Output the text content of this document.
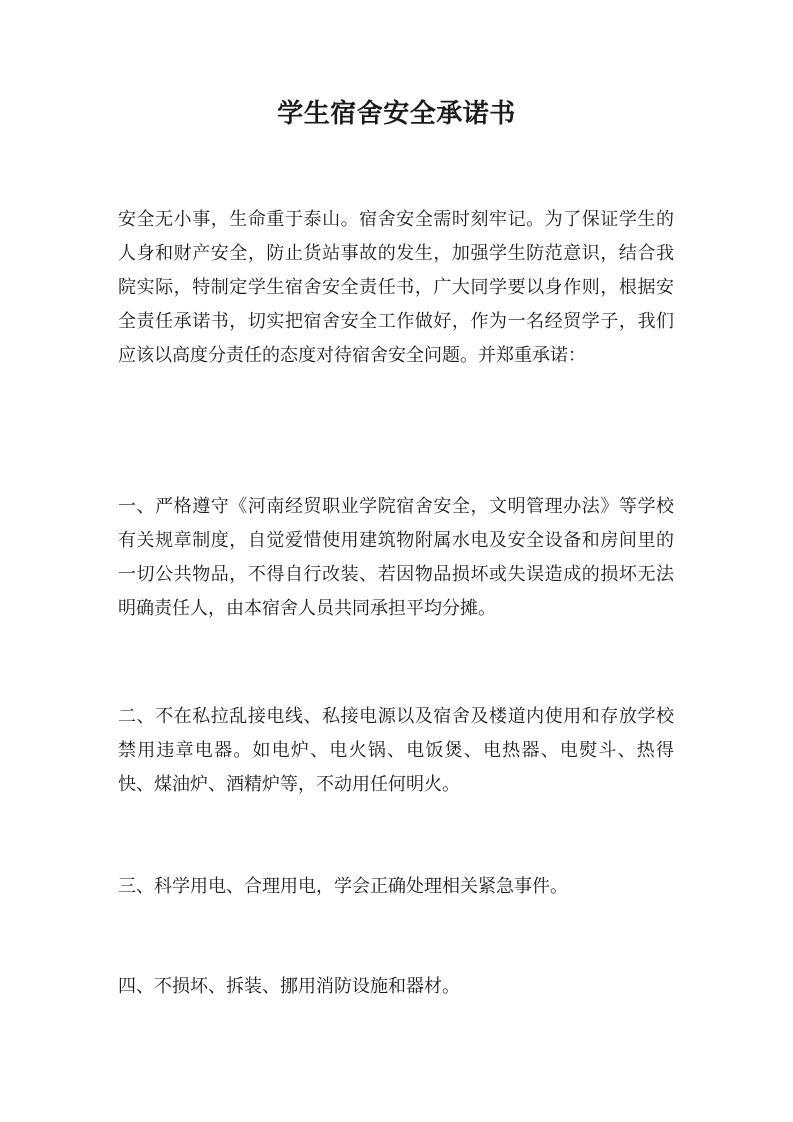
学生宿舍安全承诺书

安全无小事，生命重于泰山。宿舍安全需时刻牢记。为了保证学生的人身和财产安全，防止货站事故的发生，加强学生防范意识，结合我院实际，特制定学生宿舍安全责任书，广大同学要以身作则，根据安全责任承诺书，切实把宿舍安全工作做好，作为一名经贸学子，我们应该以高度分责任的态度对待宿舍安全问题。并郑重承诺：

一、严格遵守《河南经贸职业学院宿舍安全，文明管理办法》等学校有关规章制度，自觉爱惜使用建筑物附属水电及安全设备和房间里的一切公共物品，不得自行改装、若因物品损坏或失误造成的损坏无法明确责任人，由本宿舍人员共同承担平均分摊。

二、不在私拉乱接电线、私接电源以及宿舍及楼道内使用和存放学校禁用违章电器。如电炉、电火锅、电饭煲、电热器、电熨斗、热得快、煤油炉、酒精炉等，不动用任何明火。

三、科学用电、合理用电，学会正确处理相关紧急事件。

四、不损坏、拆装、挪用消防设施和器材。
